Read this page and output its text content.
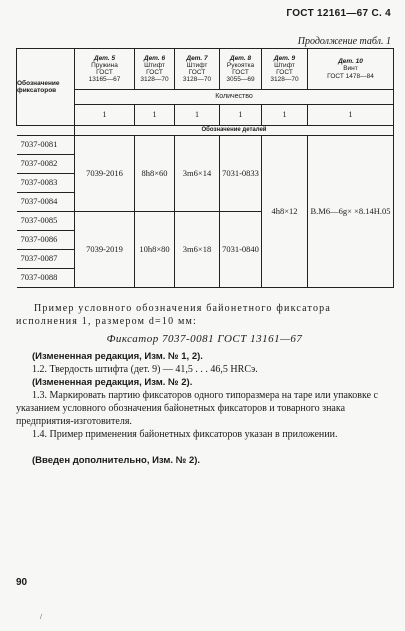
ГОСТ 12161—67 С. 4
Продолжение табл. 1
Обозначение фиксаторов	Дет. 5
Пружина
ГОСТ
13165—67	Дет. 6
Штифт
ГОСТ
3128—70	Дет. 7
Штифт
ГОСТ
3128—70	Дет. 8
Рукоятка
ГОСТ
3055—69	Дет. 9
Штифт
ГОСТ
3128—70	Дет. 10
Винт
ГОСТ 1478—84
	Количество					
	1	1	1	1	1	1
	Обозначение деталей					
7037-0081	7039-2016	8h8×60	3m6×14	7031-0833	4h8×12	В.М6—6g× ×8.14H.05
7037-0082						
7037-0083						
7037-0084						
7037-0085	7039-2019	10h8×80	3m6×18	7031-0840		
7037-0086						
7037-0087						
7037-0088						
Пример условного обозначения байонетного фиксатора исполнения 1, размером d=10 мм:
Фиксатор 7037-0081 ГОСТ 13161—67
(Измененная редакция, Изм. № 1, 2).
1.2. Твердость штифта (дет. 9) — 41,5 . . . 46,5 HRCэ.
(Измененная редакция, Изм. № 2).
1.3. Маркировать партию фиксаторов одного типоразмера на таре или упаковке с указанием условного обозначения байонетных фиксаторов и товарного знака предприятия-изготовителя.
1.4. Пример применения байонетных фиксаторов указан в приложении.
(Введен дополнительно, Изм. № 2).
90
/
